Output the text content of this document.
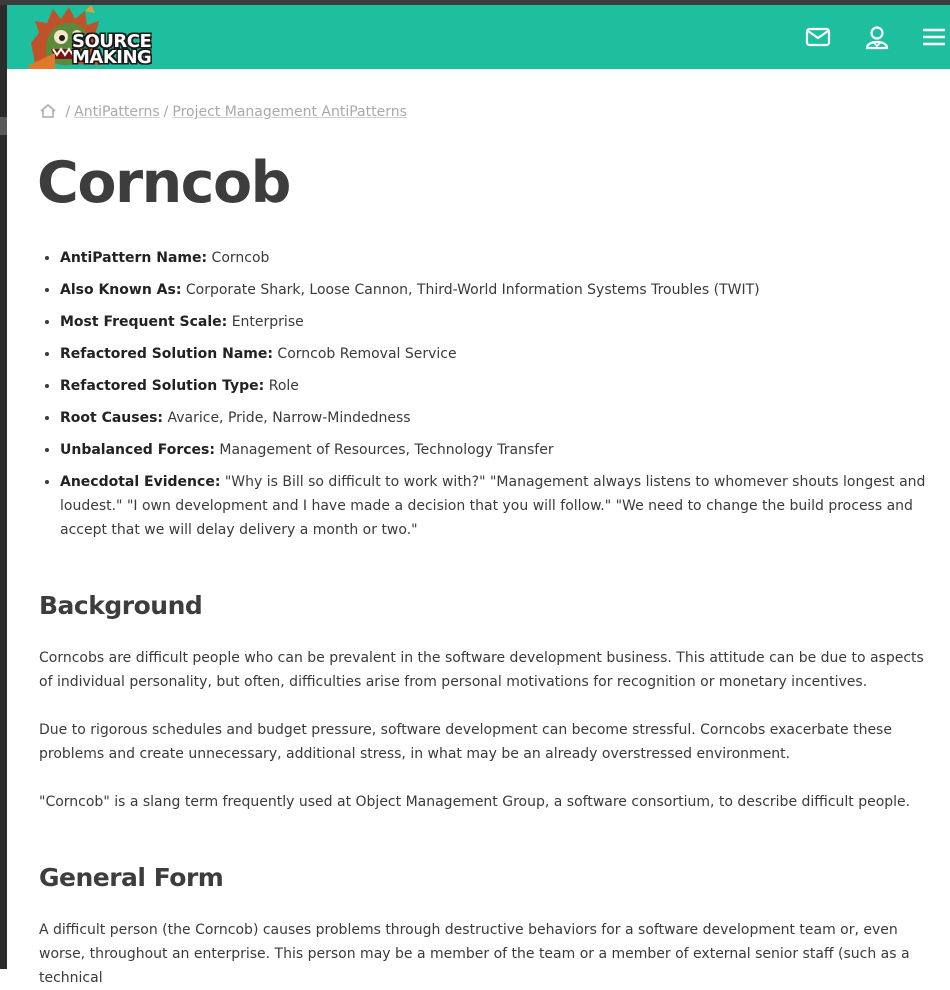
SOURCE
MAKING
/ AntiPatterns / Project Management AntiPatterns
Corncob
• AntiPattern Name: Corncob
• Also Known As: Corporate Shark, Loose Cannon, Third-World Information Systems Troubles (TWIT)
• Most Frequent Scale: Enterprise
• Refactored Solution Name: Corncob Removal Service
• Refactored Solution Type: Role
• Root Causes: Avarice, Pride, Narrow-Mindedness
• Unbalanced Forces: Management of Resources, Technology Transfer
• Anecdotal Evidence: "Why is Bill so difficult to work with?" "Management always listens to whomever shouts longest and loudest." "I own development and I have made a decision that you will follow." "We need to change the build process and accept that we will delay delivery a month or two."
Background

Corncobs are difficult people who can be prevalent in the software development business. This attitude can be due to aspects of individual personality, but often, difficulties arise from personal motivations for recognition or monetary incentives.

Due to rigorous schedules and budget pressure, software development can become stressful. Corncobs exacerbate these problems and create unnecessary, additional stress, in what may be an already overstressed environment.

"Corncob" is a slang term frequently used at Object Management Group, a software consortium, to describe difficult people.

General Form

A difficult person (the Corncob) causes problems through destructive behaviors for a software development team or, even worse, throughout an enterprise. This person may be a member of the team or a member of external senior staff (such as a technical
